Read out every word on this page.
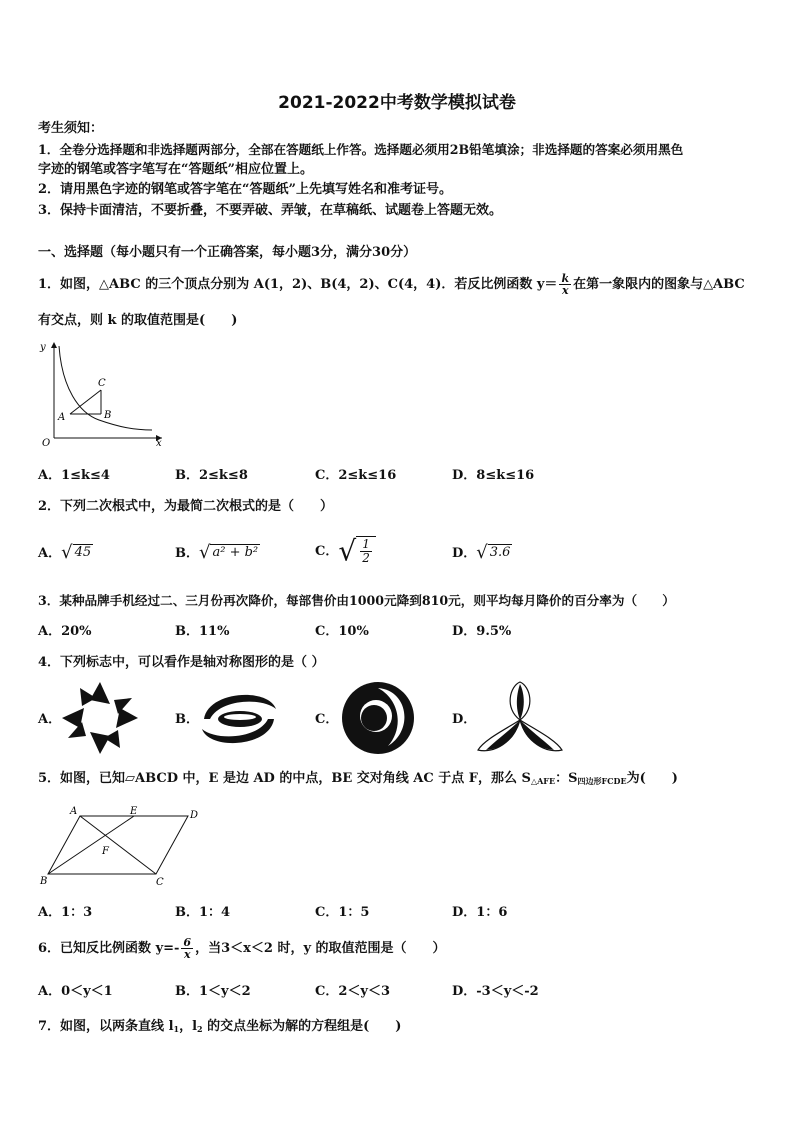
2021-2022中考数学模拟试卷
考生须知：
1．全卷分选择题和非选择题两部分，全部在答题纸上作答。选择题必须用2B铅笔填涂；非选择题的答案必须用黑色
字迹的钢笔或答字笔写在“答题纸”相应位置上。
2．请用黑色字迹的钢笔或答字笔在“答题纸”上先填写姓名和准考证号。
3．保持卡面清洁，不要折叠，不要弄破、弄皱，在草稿纸、试题卷上答题无效。
一、选择题（每小题只有一个正确答案，每小题3分，满分30分）
1．如图，△ABC 的三个顶点分别为 A(1，2)、B(4，2)、C(4，4)．若反比例函数 $y= \frac{k}{x}$ 在第一象限内的图象与△ABC
有交点，则 k 的取值范围是(　　)
y
x
O
A	B
C
A．1≤k≤4	B．2≤k≤8	C．2≤k≤16	D．8≤k≤16
2．下列二次根式中，为最简二次根式的是（　　）
A．√ 45	B．√ a² + b²	C．√ $\frac{1}{2}$	D．√ 3.6
3．某种品牌手机经过二、三月份再次降价，每部售价由1000元降到810元，则平均每月降价的百分率为（　　）
A．20%	B．11%	C．10%	D．9.5%
4．下列标志中，可以看作是轴对称图形的是（ ）
A．	B．	C．	D．
5．如图，已知▱ABCD 中，E 是边 AD 的中点，BE 交对角线 AC 于点 F，那么 $S_{\triangle AFE}$：$S_{四边形FCDE}$为(　　)
A	E	D
F
B	C
A．1：3	B．1：4	C．1：5	D．1：6
6．已知反比例函数 $y=- \frac{6}{x}$ ，当3＜x＜2 时，y 的取值范围是（　　）
A．0＜y＜1	B．1＜y＜2	C．2＜y＜3	D．-3＜y＜-2
7．如图，以两条直线 $l_1$，$l_2$ 的交点坐标为解的方程组是(　　)
